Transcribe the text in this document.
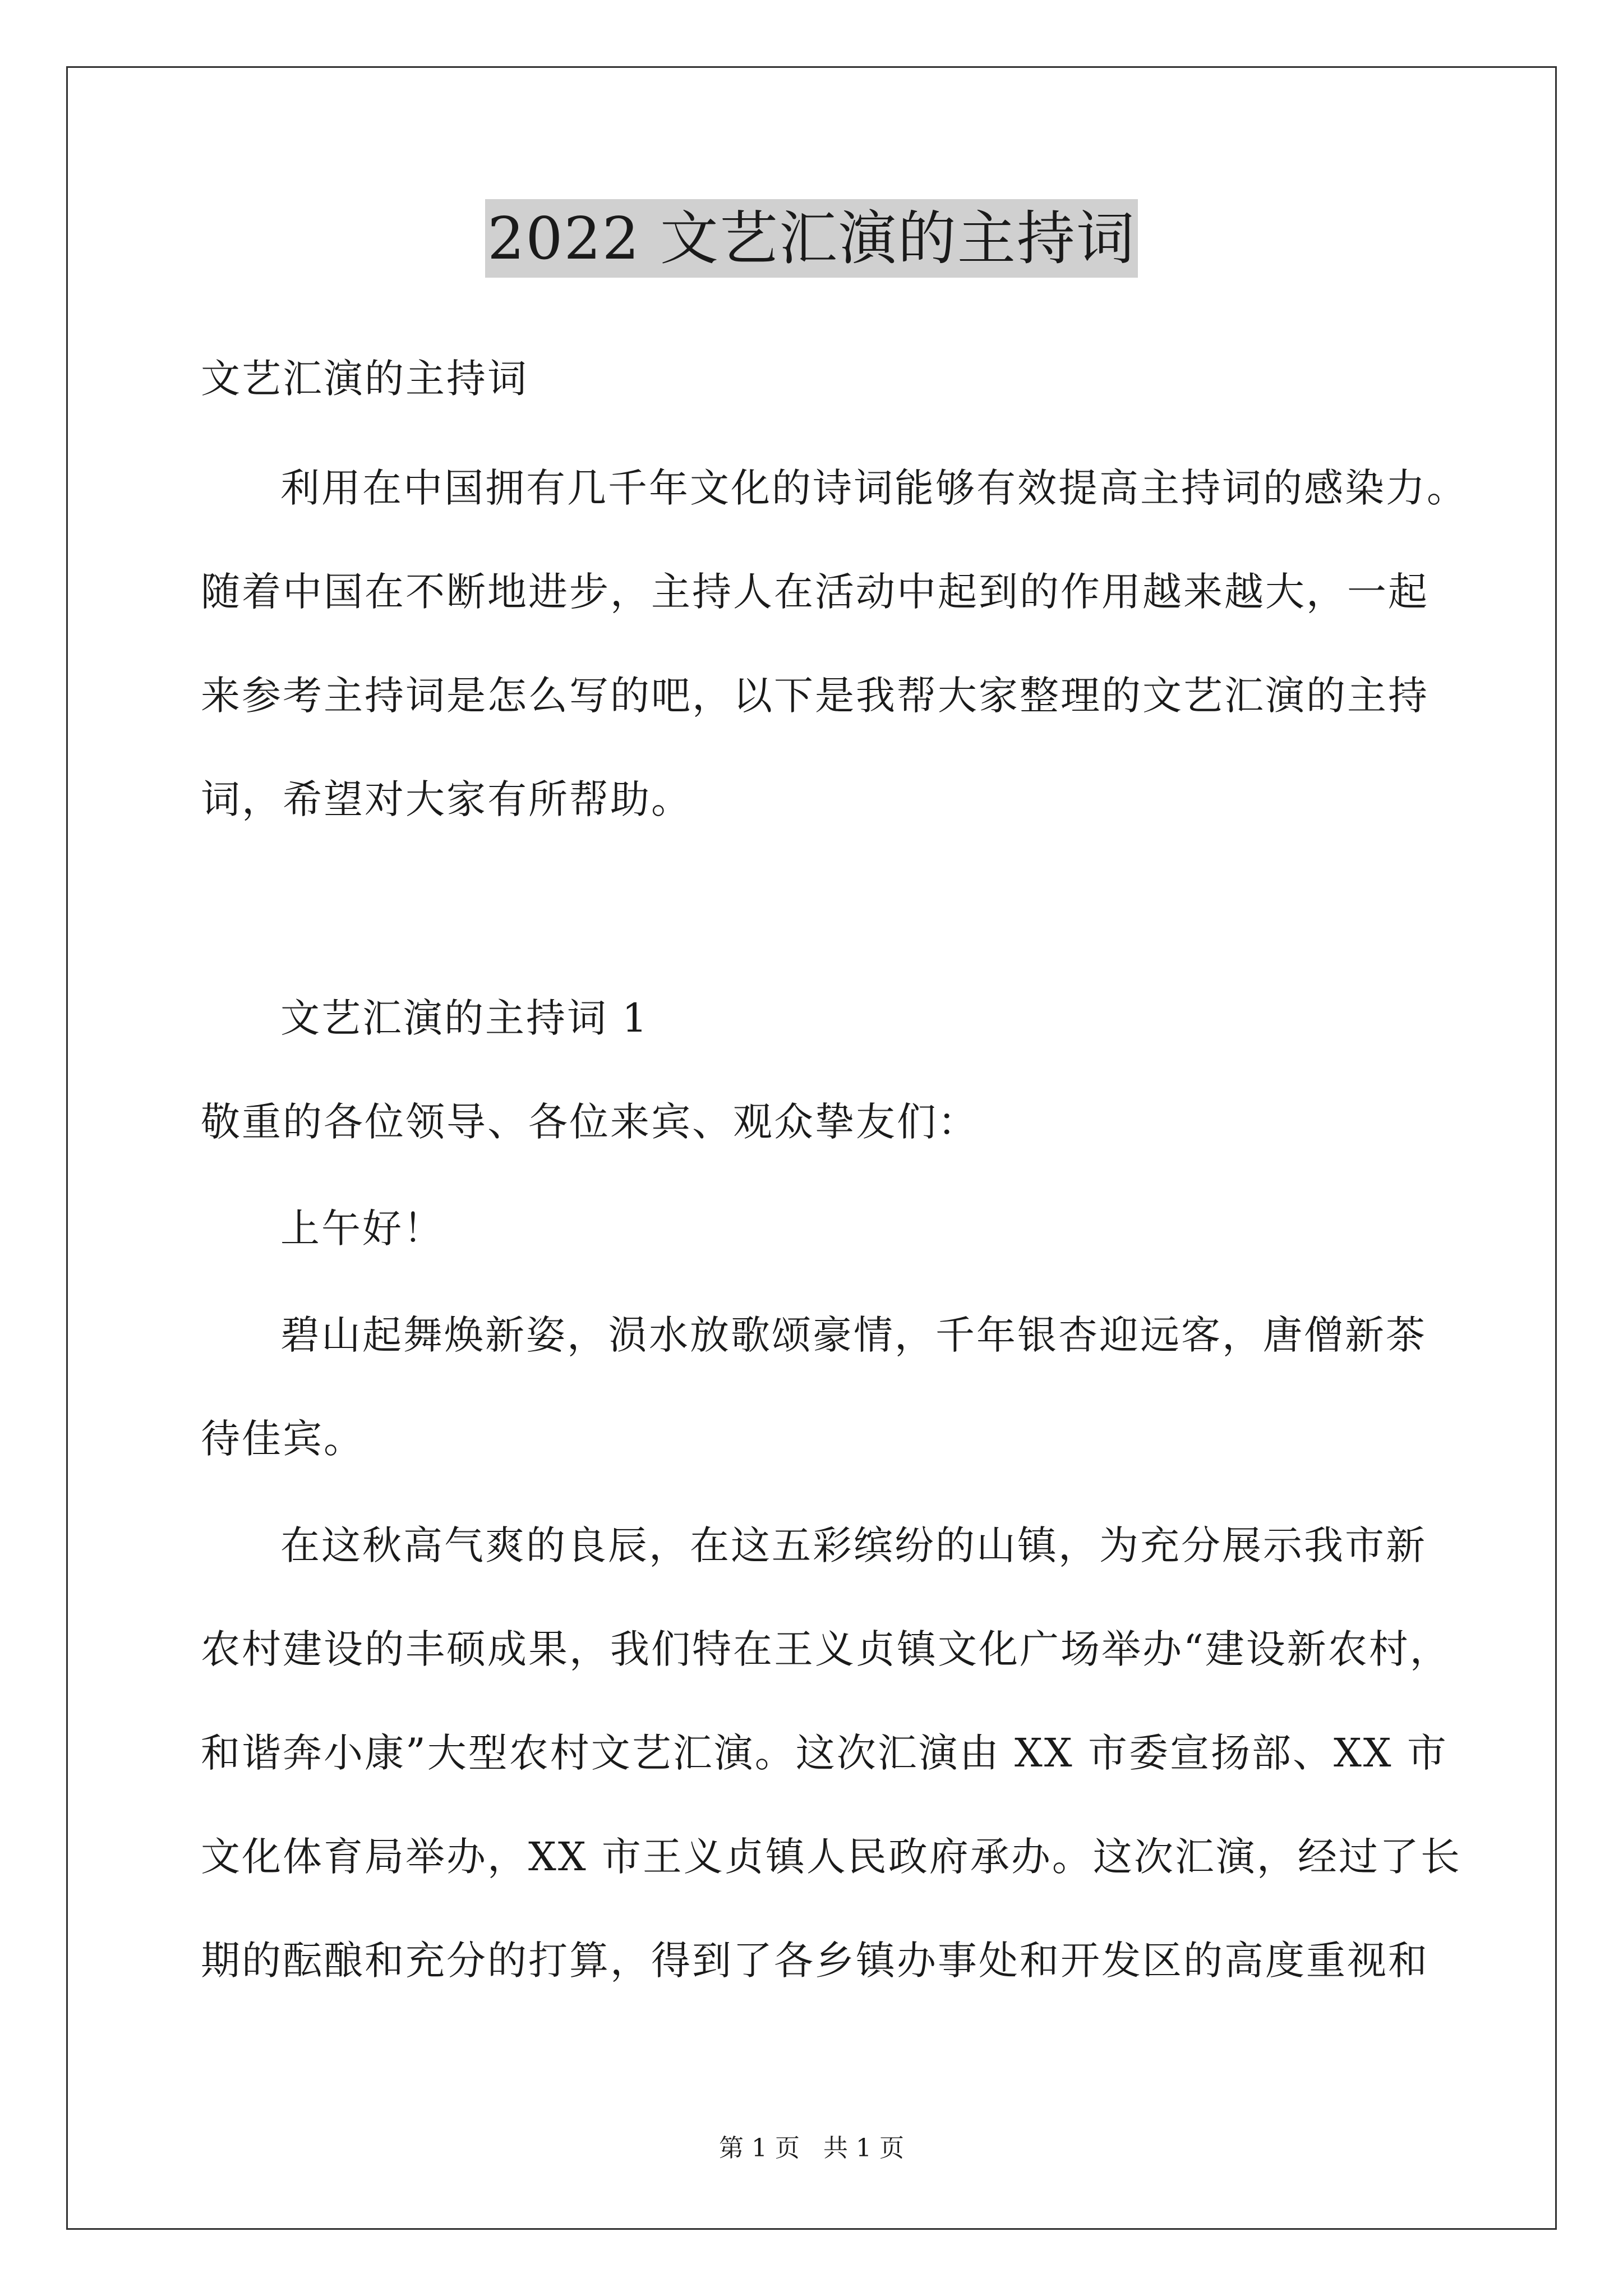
2022 文艺汇演的主持词
文艺汇演的主持词
利用在中国拥有几千年文化的诗词能够有效提高主持词的感染力。
随着中国在不断地进步，主持人在活动中起到的作用越来越大，一起
来参考主持词是怎么写的吧，以下是我帮大家整理的文艺汇演的主持
词，希望对大家有所帮助。
文艺汇演的主持词 1
敬重的各位领导、各位来宾、观众挚友们：
上午好！
碧山起舞焕新姿，涢水放歌颂豪情，千年银杏迎远客，唐僧新茶
待佳宾。
在这秋高气爽的良辰，在这五彩缤纷的山镇，为充分展示我市新
农村建设的丰硕成果，我们特在王义贞镇文化广场举办“建设新农村，
和谐奔小康”大型农村文艺汇演。这次汇演由 XX 市委宣扬部、XX 市
文化体育局举办，XX 市王义贞镇人民政府承办。这次汇演，经过了长
期的酝酿和充分的打算，得到了各乡镇办事处和开发区的高度重视和
第 1 页   共 1 页
